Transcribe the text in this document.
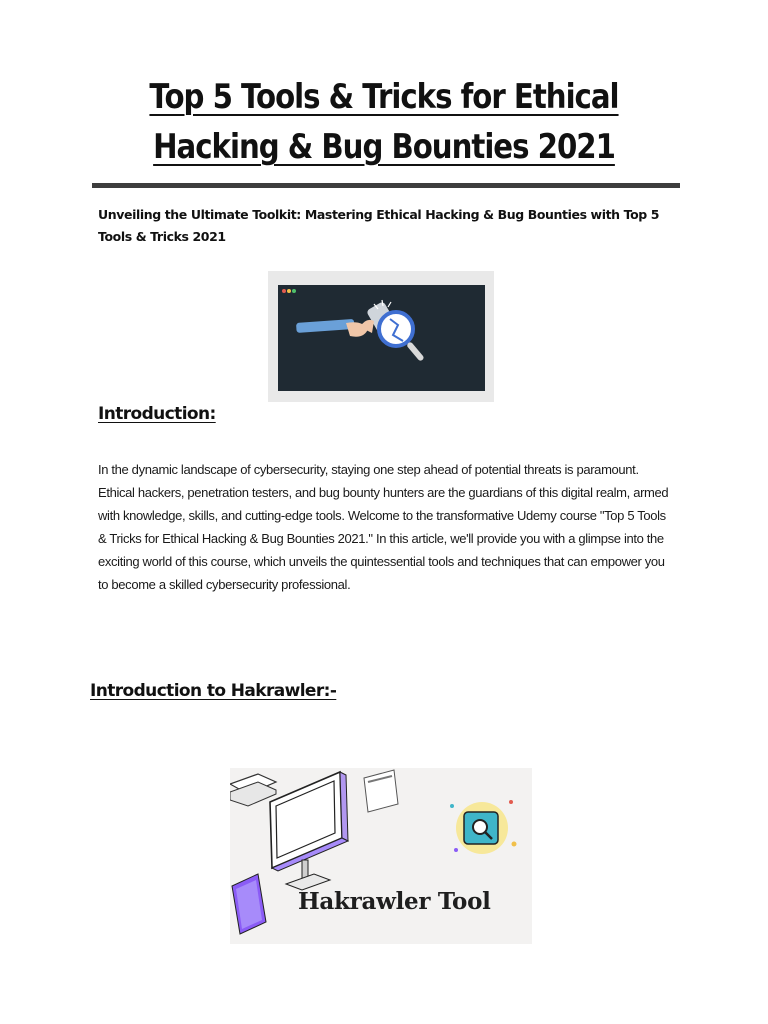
Top 5 Tools & Tricks for Ethical Hacking & Bug Bounties 2021

Unveiling the Ultimate Toolkit: Mastering Ethical Hacking & Bug Bounties with Top 5 Tools & Tricks 2021

Introduction:

In the dynamic landscape of cybersecurity, staying one step ahead of potential threats is paramount. Ethical hackers, penetration testers, and bug bounty hunters are the guardians of this digital realm, armed with knowledge, skills, and cutting-edge tools. Welcome to the transformative Udemy course "Top 5 Tools & Tricks for Ethical Hacking & Bug Bounties 2021." In this article, we'll provide you with a glimpse into the exciting world of this course, which unveils the quintessential tools and techniques that can empower you to become a skilled cybersecurity professional.

Introduction to Hakrawler:-
Hakrawler Tool
